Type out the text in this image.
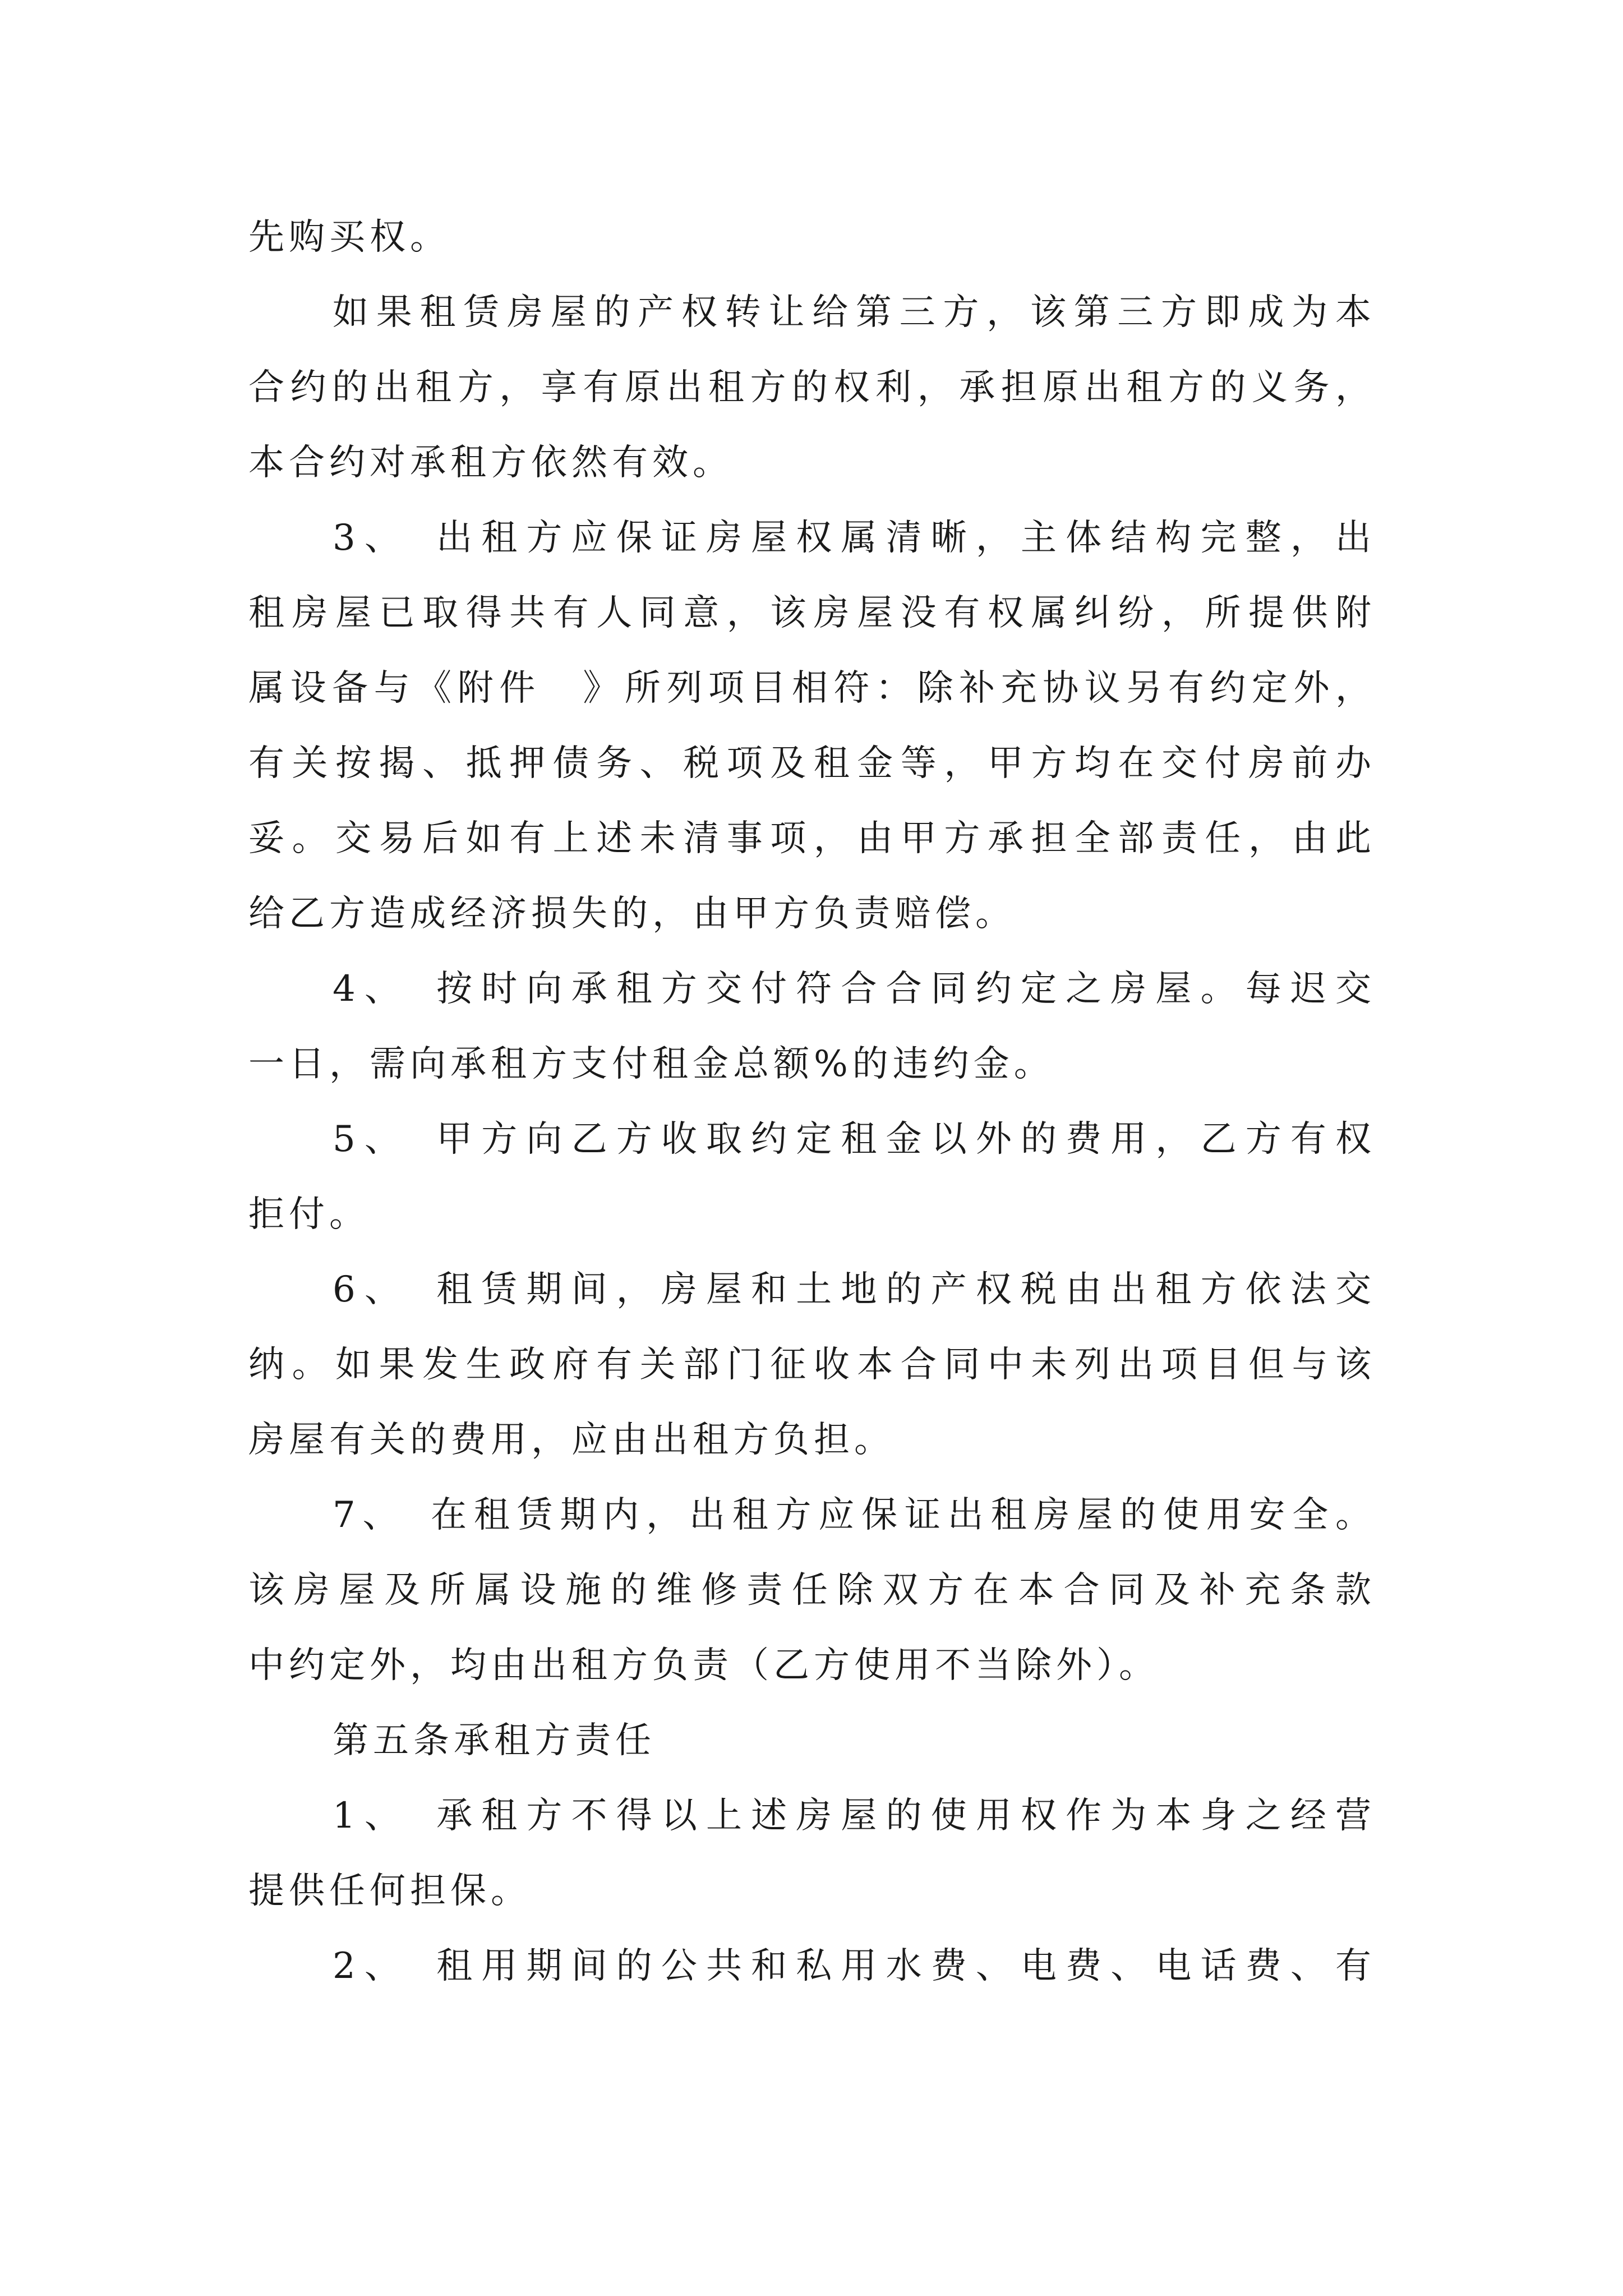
先购买权。
如果租赁房屋的产权转让给第三方，该第三方即成为本
合约的出租方，享有原出租方的权利，承担原出租方的义务，
本合约对承租方依然有效。
3、　出租方应保证房屋权属清晰，主体结构完整，出
租房屋已取得共有人同意，该房屋没有权属纠纷，所提供附
属设备与《附件　》所列项目相符：除补充协议另有约定外，
有关按揭、抵押债务、税项及租金等，甲方均在交付房前办
妥。交易后如有上述未清事项，由甲方承担全部责任，由此
给乙方造成经济损失的，由甲方负责赔偿。
4、　按时向承租方交付符合合同约定之房屋。每迟交
一日，需向承租方支付租金总额%的违约金。
5、　甲方向乙方收取约定租金以外的费用，乙方有权
拒付。
6、　租赁期间，房屋和土地的产权税由出租方依法交
纳。如果发生政府有关部门征收本合同中未列出项目但与该
房屋有关的费用，应由出租方负担。
7、　在租赁期内，出租方应保证出租房屋的使用安全。
该房屋及所属设施的维修责任除双方在本合同及补充条款
中约定外，均由出租方负责（乙方使用不当除外）。
第五条承租方责任
1、　承租方不得以上述房屋的使用权作为本身之经营
提供任何担保。
2、　租用期间的公共和私用水费、电费、电话费、有
